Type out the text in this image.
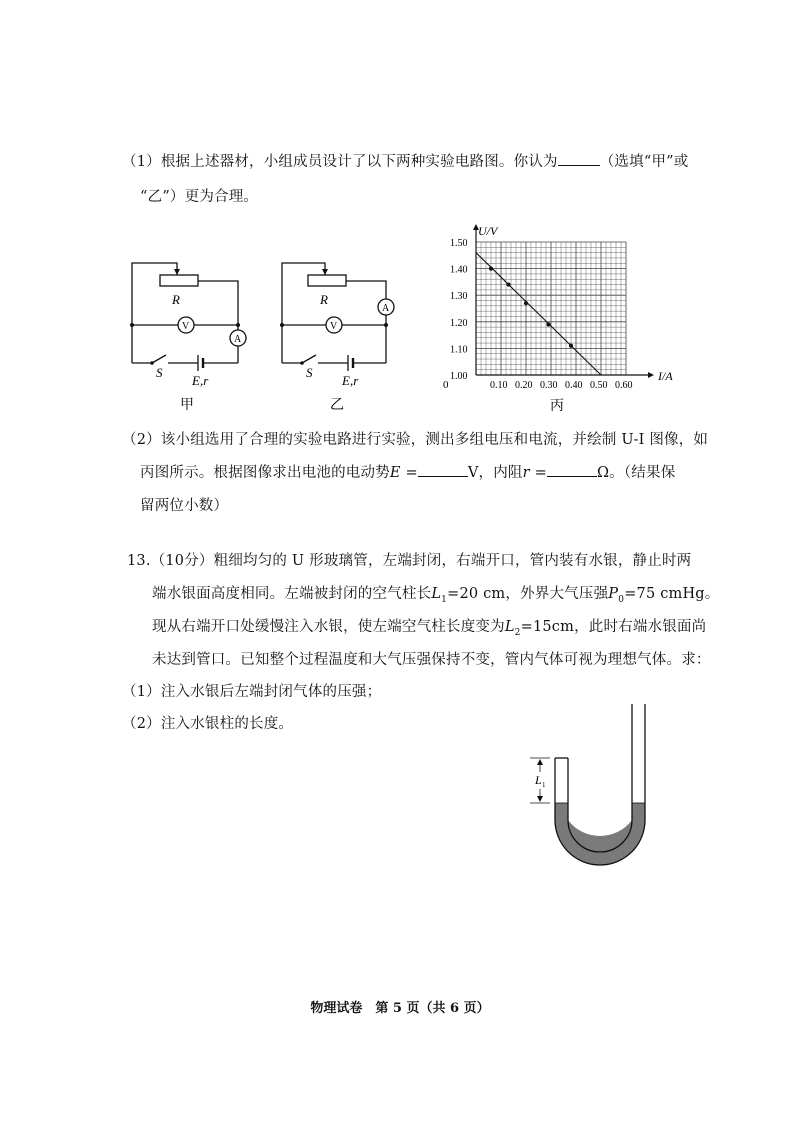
（1）根据上述器材，小组成员设计了以下两种实验电路图。你认为	（选填“甲”或
“乙”）更为合理。
R
V
A
S
E,r
甲
R
V
A
S
E,r
乙
0.10 0.20 0.30 0.40 0.50 0.60
1.00
1.10
1.20
1.30
1.40
1.50
U/V
I/A
0
丙
（2）该小组选用了合理的实验电路进行实验，测出多组电压和电流，并绘制 U-I 图像，如
丙图所示。根据图像求出电池的电动势E =	V，内阻r =	Ω。（结果保
留两位小数）
13.（10分）粗细均匀的 U 形玻璃管，左端封闭，右端开口，管内装有水银，静止时两
端水银面高度相同。左端被封闭的空气柱长$L_1=20$ cm，外界大气压强$P_0=75$ cmHg。
现从右端开口处缓慢注入水银，使左端空气柱长度变为$L_2=15cm$，此时右端水银面尚
未达到管口。已知整个过程温度和大气压强保持不变，管内气体可视为理想气体。求：
（1）注入水银后左端封闭气体的压强；
（2）注入水银柱的长度。
L 1
物理试卷　第 5 页（共 6 页）
